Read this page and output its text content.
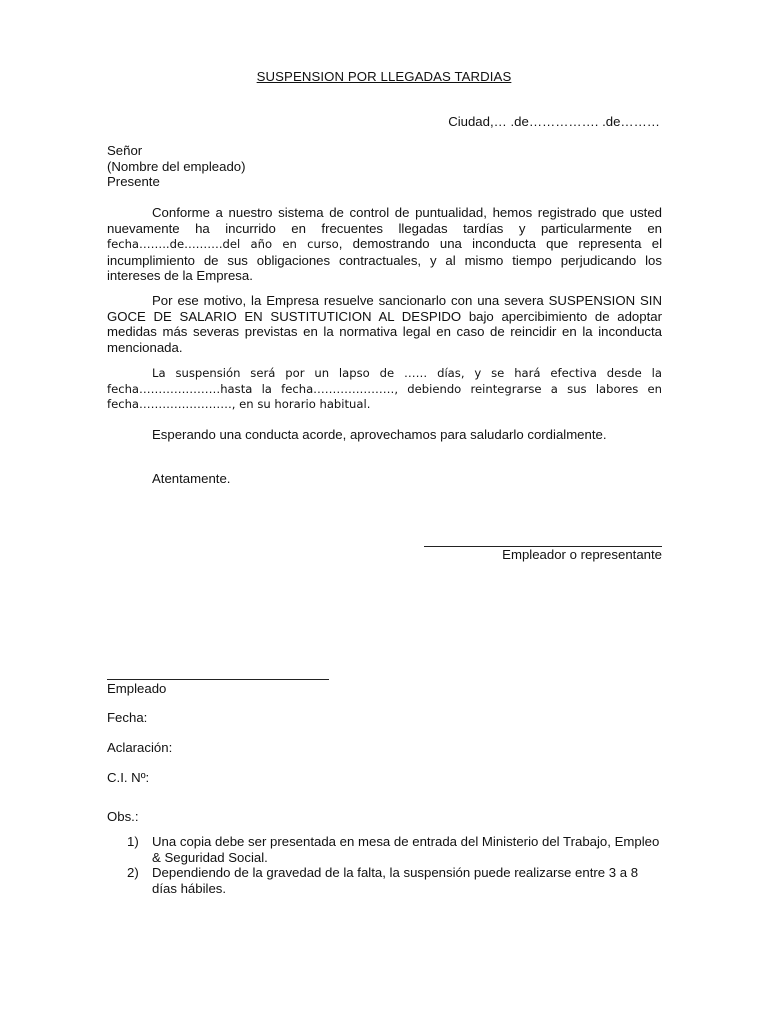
SUSPENSION POR LLEGADAS TARDIAS
Ciudad,… .de……………. .de………
Señor
(Nombre del empleado)
Presente
Conforme a nuestro sistema de control de puntualidad, hemos registrado que usted nuevamente ha incurrido en frecuentes llegadas tardías y particularmente en fecha……..de……….del año en curso, demostrando una inconducta que representa el incumplimiento de sus obligaciones contractuales, y al mismo tiempo perjudicando los intereses de la Empresa.
Por ese motivo, la Empresa resuelve sancionarlo con una severa SUSPENSION SIN GOCE DE SALARIO EN SUSTITUTICION AL DESPIDO bajo apercibimiento de adoptar medidas más severas previstas en la normativa legal en caso de reincidir en la inconducta mencionada.
La suspensión será por un lapso de …… días, y se hará efectiva desde la fecha…………………hasta la fecha…………………, debiendo reintegrarse a sus labores en fecha……………………, en su horario habitual.
Esperando una conducta acorde, aprovechamos para saludarlo cordialmente.
Atentamente.
Empleador o representante
Empleado
Fecha:
Aclaración:
C.I. Nº:
Obs.:
1) Una copia debe ser presentada en mesa de entrada del Ministerio del Trabajo, Empleo & Seguridad Social.
2) Dependiendo de la gravedad de la falta, la suspensión puede realizarse entre 3 a 8 días hábiles.
